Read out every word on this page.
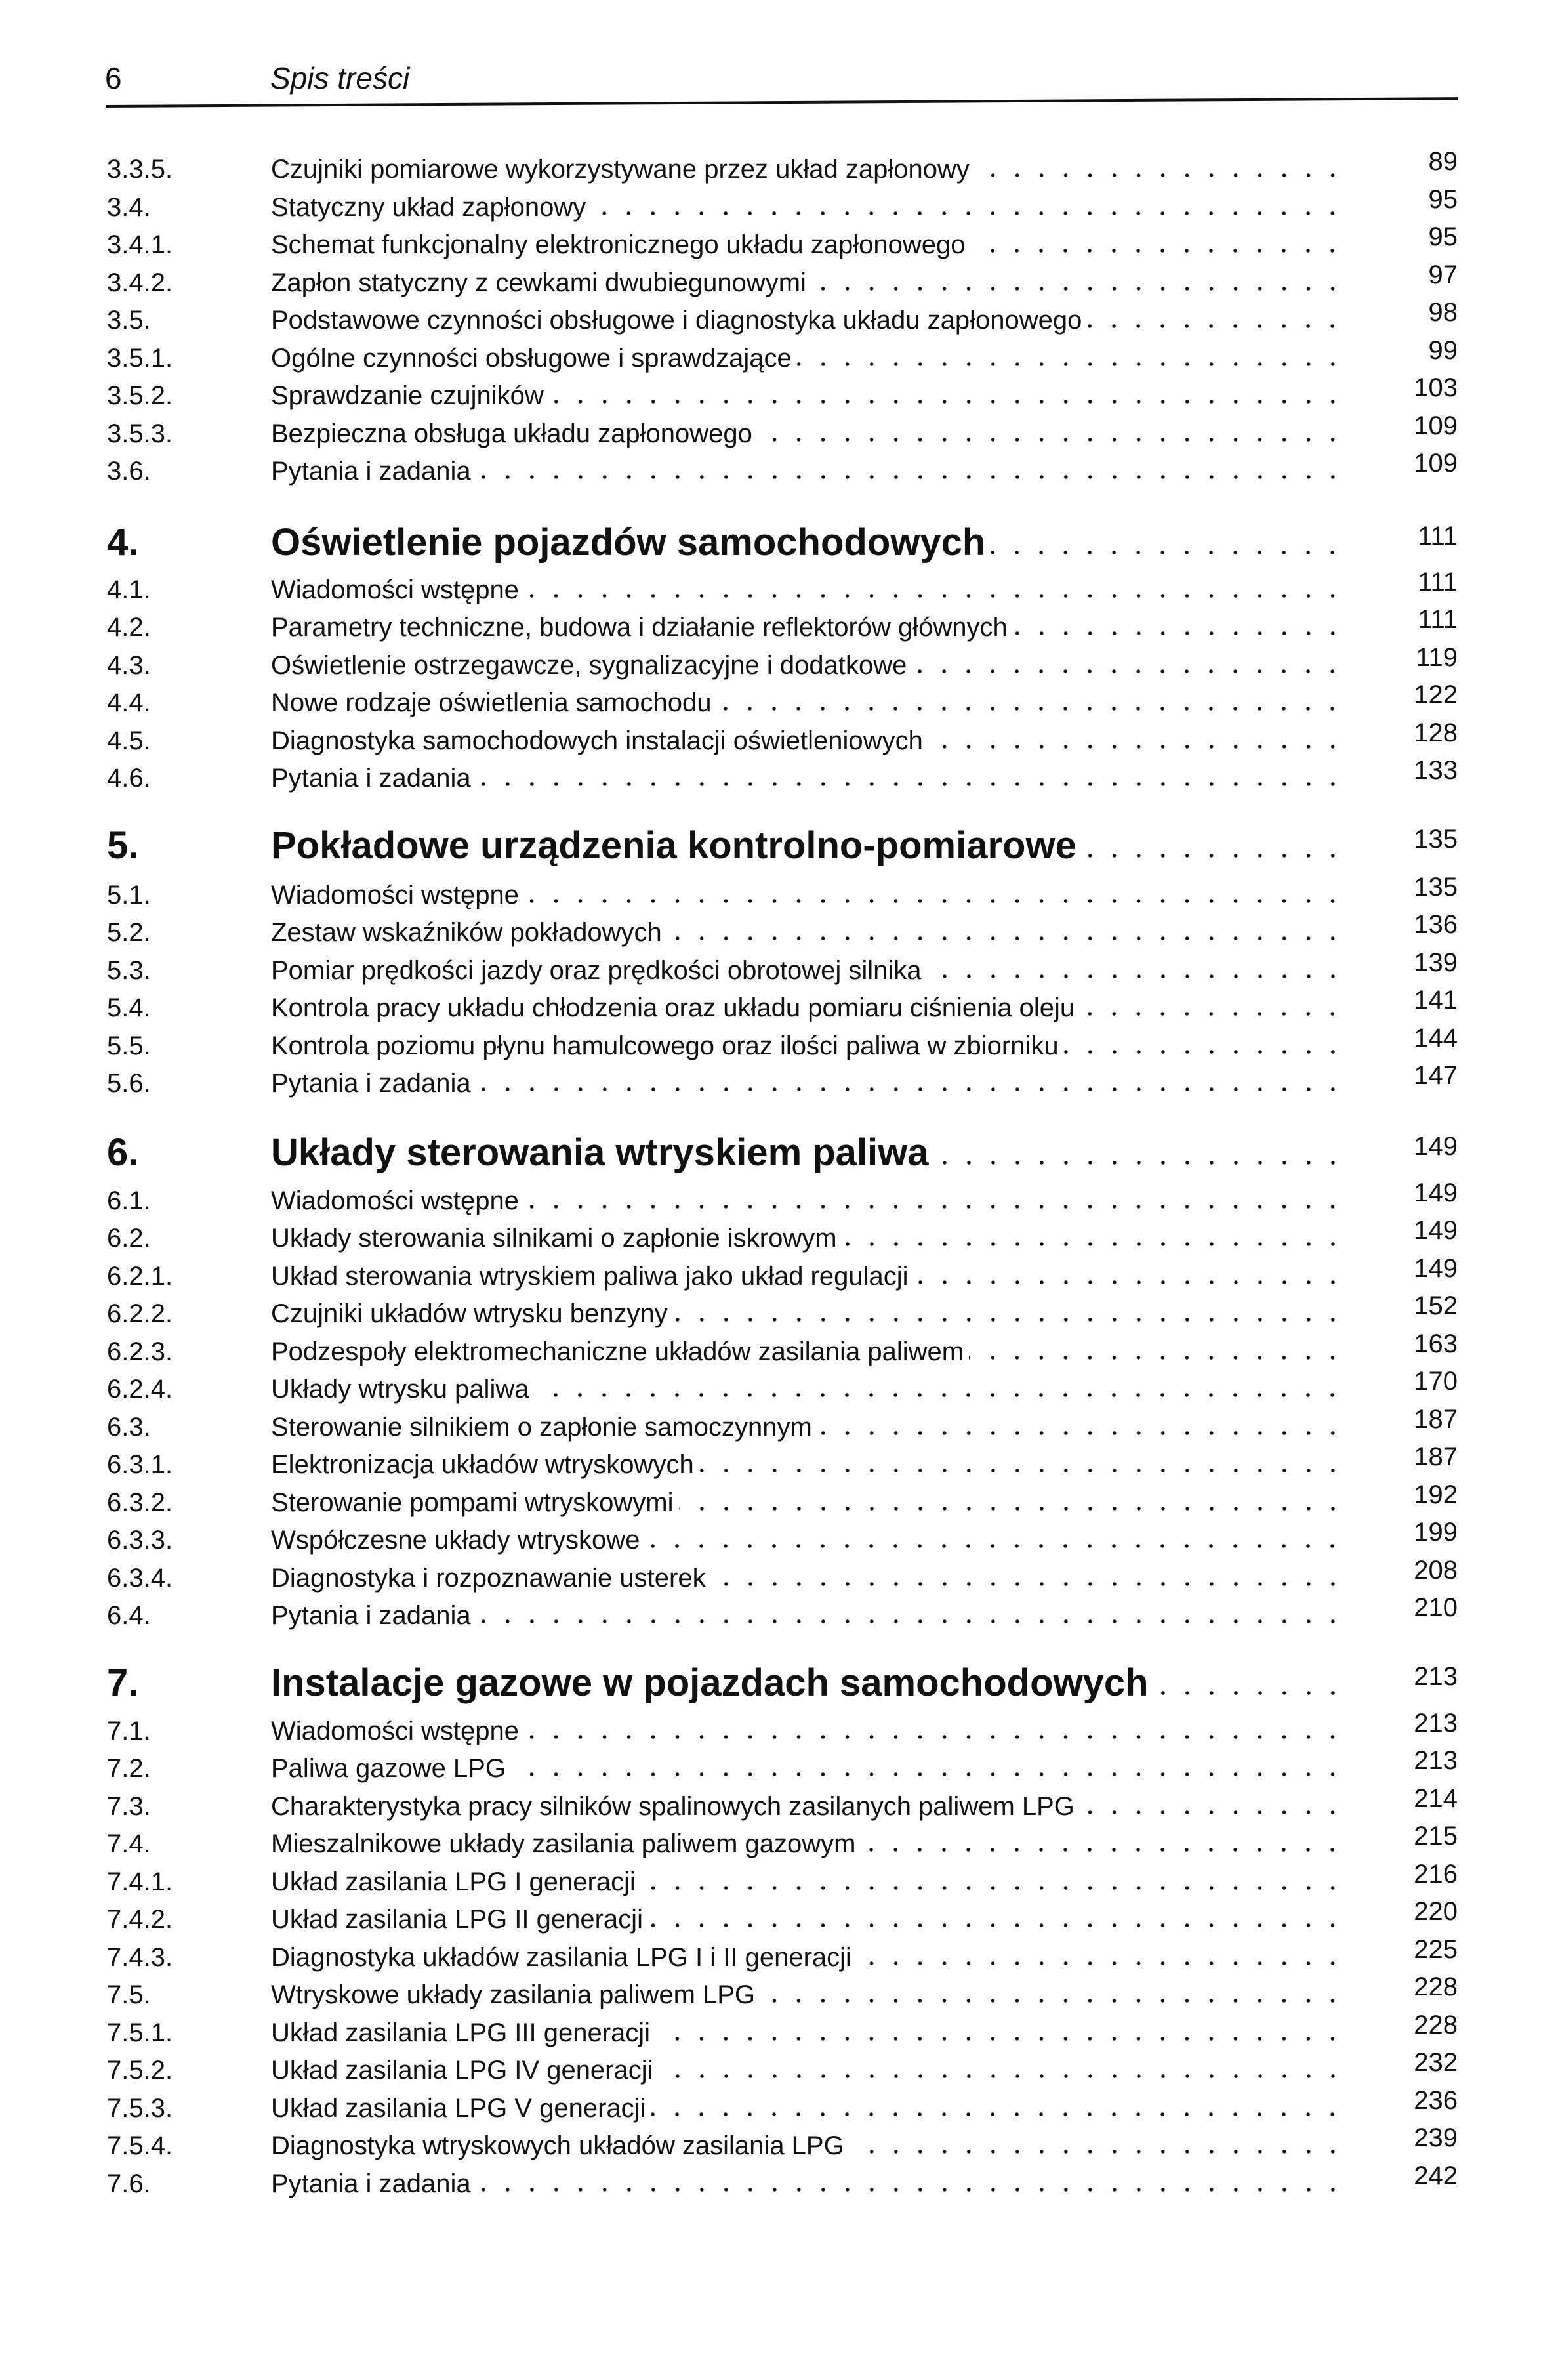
6	Spis treści
3.3.5.	Czujniki pomiarowe wykorzystywane przez układ zapłonowy	89
3.4.	Statyczny układ zapłonowy	95
3.4.1.	Schemat funkcjonalny elektronicznego układu zapłonowego	95
3.4.2.	Zapłon statyczny z cewkami dwubiegunowymi	97
3.5.	Podstawowe czynności obsługowe i diagnostyka układu zapłonowego	98
3.5.1.	Ogólne czynności obsługowe i sprawdzające	99
3.5.2.	Sprawdzanie czujników	103
3.5.3.	Bezpieczna obsługa układu zapłonowego	109
3.6.	Pytania i zadania	109
4.	Oświetlenie pojazdów samochodowych	111
4.1.	Wiadomości wstępne	111
4.2.	Parametry techniczne, budowa i działanie reflektorów głównych	111
4.3.	Oświetlenie ostrzegawcze, sygnalizacyjne i dodatkowe	119
4.4.	Nowe rodzaje oświetlenia samochodu	122
4.5.	Diagnostyka samochodowych instalacji oświetleniowych	128
4.6.	Pytania i zadania	133
5.	Pokładowe urządzenia kontrolno-pomiarowe	135
5.1.	Wiadomości wstępne	135
5.2.	Zestaw wskaźników pokładowych	136
5.3.	Pomiar prędkości jazdy oraz prędkości obrotowej silnika	139
5.4.	Kontrola pracy układu chłodzenia oraz układu pomiaru ciśnienia oleju	141
5.5.	Kontrola poziomu płynu hamulcowego oraz ilości paliwa w zbiorniku	144
5.6.	Pytania i zadania	147
6.	Układy sterowania wtryskiem paliwa	149
6.1.	Wiadomości wstępne	149
6.2.	Układy sterowania silnikami o zapłonie iskrowym	149
6.2.1.	Układ sterowania wtryskiem paliwa jako układ regulacji	149
6.2.2.	Czujniki układów wtrysku benzyny	152
6.2.3.	Podzespoły elektromechaniczne układów zasilania paliwem	163
6.2.4.	Układy wtrysku paliwa	170
6.3.	Sterowanie silnikiem o zapłonie samoczynnym	187
6.3.1.	Elektronizacja układów wtryskowych	187
6.3.2.	Sterowanie pompami wtryskowymi	192
6.3.3.	Współczesne układy wtryskowe	199
6.3.4.	Diagnostyka i rozpoznawanie usterek	208
6.4.	Pytania i zadania	210
7.	Instalacje gazowe w pojazdach samochodowych	213
7.1.	Wiadomości wstępne	213
7.2.	Paliwa gazowe LPG	213
7.3.	Charakterystyka pracy silników spalinowych zasilanych paliwem LPG	214
7.4.	Mieszalnikowe układy zasilania paliwem gazowym	215
7.4.1.	Układ zasilania LPG I generacji	216
7.4.2.	Układ zasilania LPG II generacji	220
7.4.3.	Diagnostyka układów zasilania LPG I i II generacji	225
7.5.	Wtryskowe układy zasilania paliwem LPG	228
7.5.1.	Układ zasilania LPG III generacji	228
7.5.2.	Układ zasilania LPG IV generacji	232
7.5.3.	Układ zasilania LPG V generacji	236
7.5.4.	Diagnostyka wtryskowych układów zasilania LPG	239
7.6.	Pytania i zadania	242
